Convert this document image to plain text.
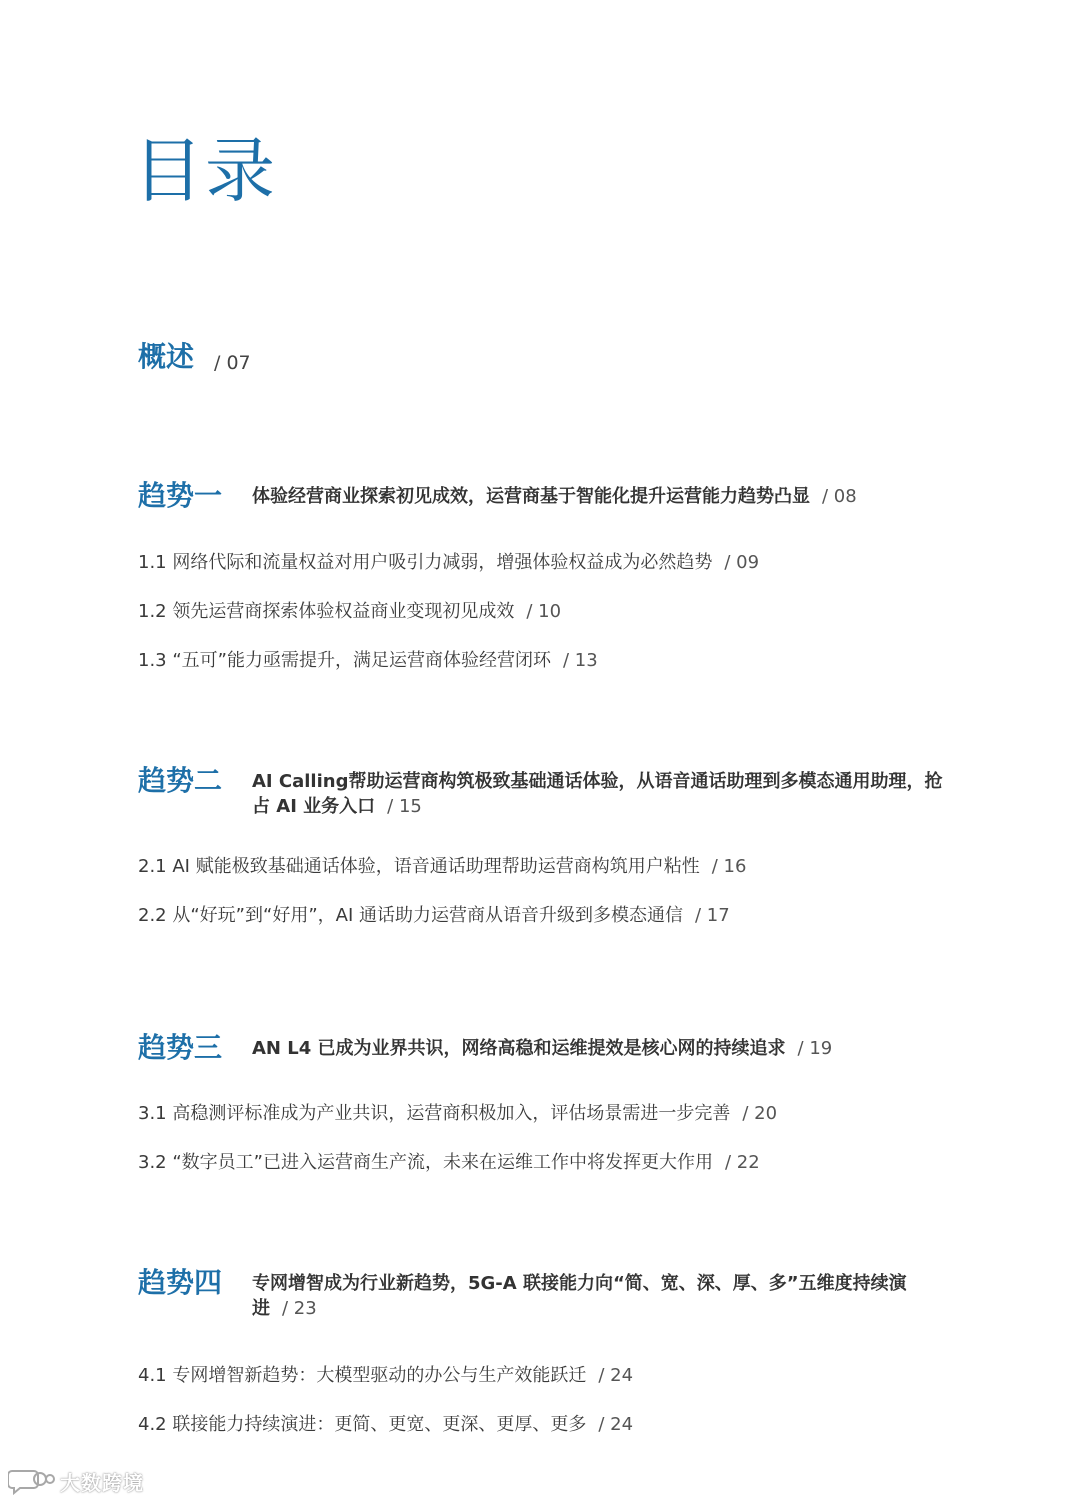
目录
概述 / 07
趋势一	体验经营商业探索初见成效，运营商基于智能化提升运营能力趋势凸显 / 08
1.1 网络代际和流量权益对用户吸引力减弱，增强体验权益成为必然趋势 / 09
1.2 领先运营商探索体验权益商业变现初见成效 / 10
1.3 “五可”能力亟需提升，满足运营商体验经营闭环 / 13
趋势二	AI Calling帮助运营商构筑极致基础通话体验，从语音通话助理到多模态通用助理，抢占 AI 业务入口 / 15
2.1 AI 赋能极致基础通话体验，语音通话助理帮助运营商构筑用户粘性 / 16
2.2 从“好玩”到“好用”，AI 通话助力运营商从语音升级到多模态通信 / 17
趋势三	AN L4 已成为业界共识，网络高稳和运维提效是核心网的持续追求 / 19
3.1 高稳测评标准成为产业共识，运营商积极加入，评估场景需进一步完善 / 20
3.2 “数字员工”已进入运营商生产流，未来在运维工作中将发挥更大作用 / 22
趋势四	专网增智成为行业新趋势，5G-A 联接能力向“简、宽、深、厚、多”五维度持续演进 / 23
4.1 专网增智新趋势：大模型驱动的办公与生产效能跃迁 / 24
4.2 联接能力持续演进：更简、更宽、更深、更厚、更多 / 24
大数跨境
